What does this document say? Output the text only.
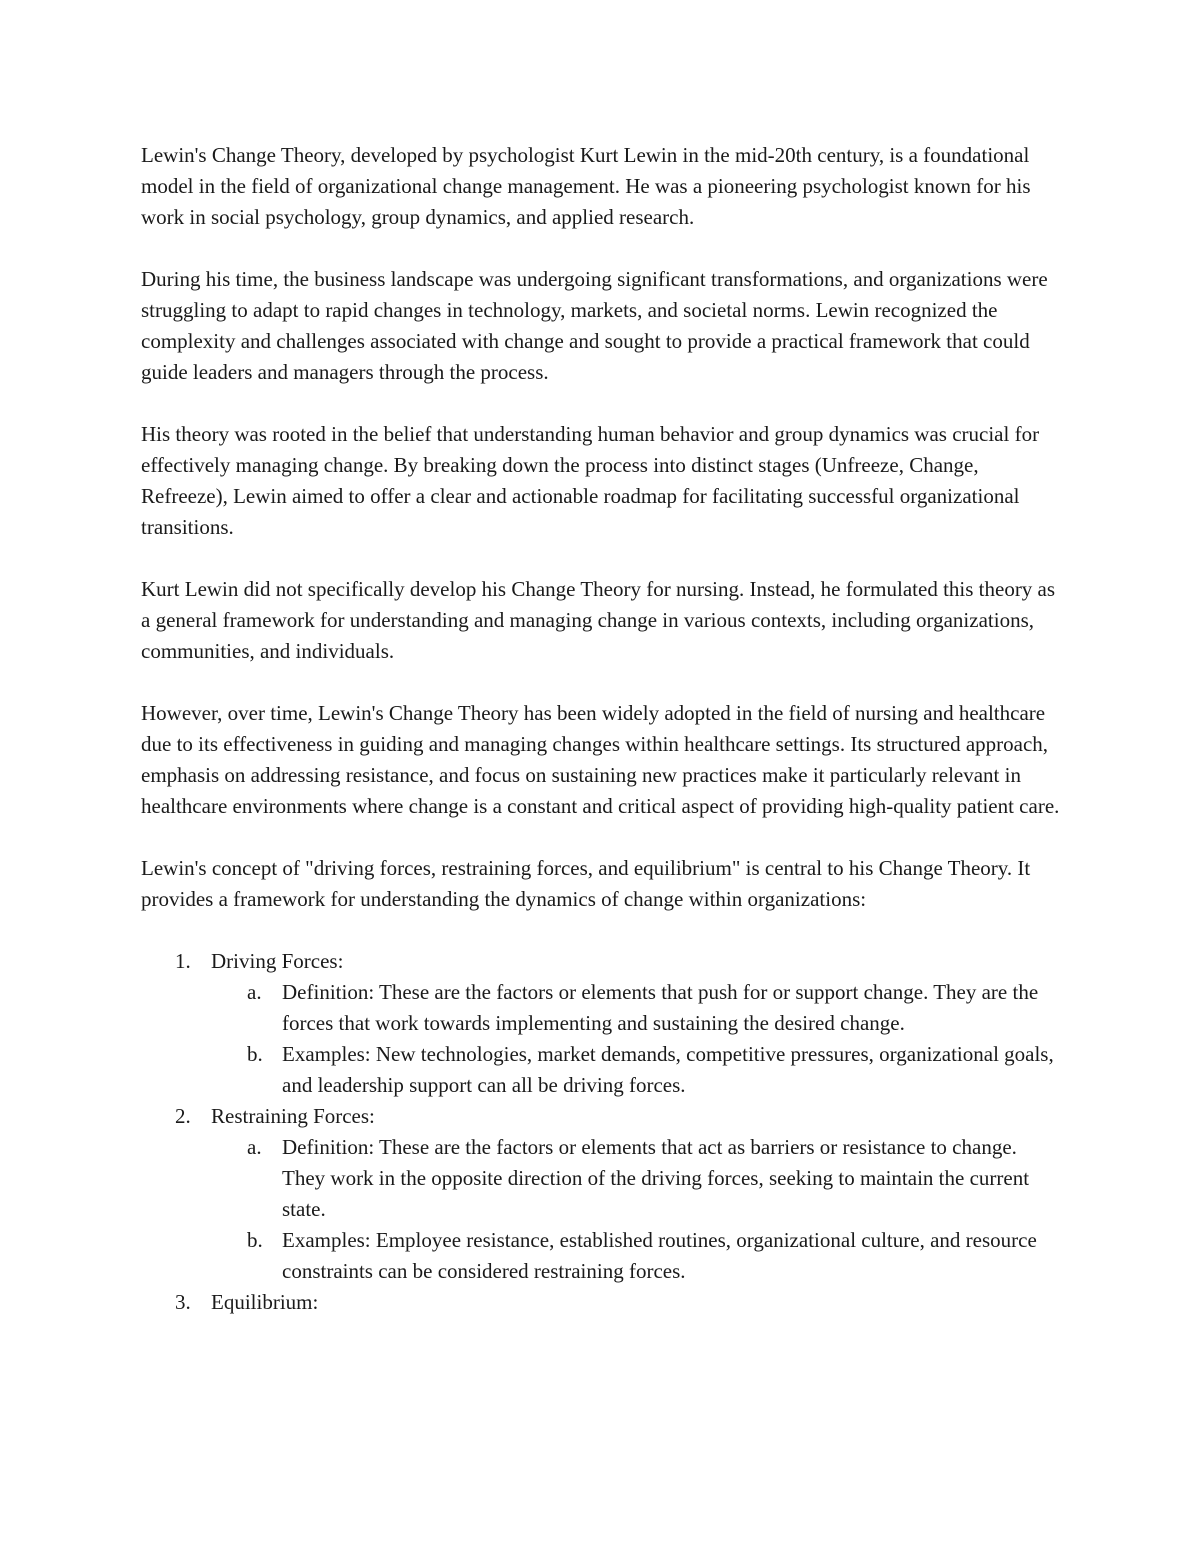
Lewin's Change Theory, developed by psychologist Kurt Lewin in the mid-20th century, is a foundational model in the field of organizational change management. He was a pioneering psychologist known for his work in social psychology, group dynamics, and applied research.

During his time, the business landscape was undergoing significant transformations, and organizations were struggling to adapt to rapid changes in technology, markets, and societal norms. Lewin recognized the complexity and challenges associated with change and sought to provide a practical framework that could guide leaders and managers through the process.

His theory was rooted in the belief that understanding human behavior and group dynamics was crucial for effectively managing change. By breaking down the process into distinct stages (Unfreeze, Change, Refreeze), Lewin aimed to offer a clear and actionable roadmap for facilitating successful organizational transitions.

Kurt Lewin did not specifically develop his Change Theory for nursing. Instead, he formulated this theory as a general framework for understanding and managing change in various contexts, including organizations, communities, and individuals.

However, over time, Lewin's Change Theory has been widely adopted in the field of nursing and healthcare due to its effectiveness in guiding and managing changes within healthcare settings. Its structured approach, emphasis on addressing resistance, and focus on sustaining new practices make it particularly relevant in healthcare environments where change is a constant and critical aspect of providing high-quality patient care.

Lewin's concept of "driving forces, restraining forces, and equilibrium" is central to his Change Theory. It provides a framework for understanding the dynamics of change within organizations:

1. Driving Forces:
a. Definition: These are the factors or elements that push for or support change. They are the forces that work towards implementing and sustaining the desired change.
b. Examples: New technologies, market demands, competitive pressures, organizational goals, and leadership support can all be driving forces.
2. Restraining Forces:
a. Definition: These are the factors or elements that act as barriers or resistance to change. They work in the opposite direction of the driving forces, seeking to maintain the current state.
b. Examples: Employee resistance, established routines, organizational culture, and resource constraints can be considered restraining forces.
3. Equilibrium:
